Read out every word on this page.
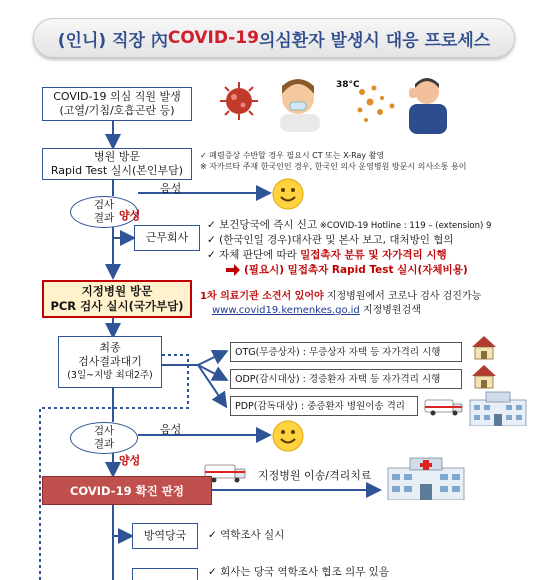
(인니) 직장 內 COVID-19 의심환자 발생시 대응 프로세스
COVID-19 의심 직원 발생
(고열/기침/호흡곤란 등)
38°C
병원 방문
Rapid Test 실시(본인부담)
✓ 폐렴증상 수반할 경우 필요시 CT 또는 X-Ray 촬영
※ 자카르타 주재 한국인인 경우, 한국인 의사 운영병원 방문시 의사소통 용이
검사
결과
음성
양성
근무회사
✓ 보건당국에 즉시 신고 ※COVID-19 Hotline : 119 – (extension) 9
✓ (한국인일 경우)대사관 및 본사 보고, 대처방인 협의
✓ 자체 판단에 따라 밀접촉자 분류 및 자가격리 시행
(필요시) 밀접촉자 Rapid Test 실시(자체비용)
지정병원 방문
PCR 검사 실시(국가부담)
1차 의료기관 소견서 있어야 지정병원에서 코로나 검사 검진가능
www.covid19.kemenkes.go.id 지정병원검색
최종
검사결과대기
(3일~지방 최대2주)
OTG(무증상자) : 무증상자 자택 등 자가격리 시행
ODP(감시대상) : 경증환자 자택 등 자가격리 시행
PDP(감독대상) : 중증환자 병원이송 격리
검사
결과
음성
양성
지정병원 이송/격리치료
COVID-19 확진 판정
방역당국 ✓ 역학조사 실시
✓ 회사는 당국 역학조사 협조 의무 있음
